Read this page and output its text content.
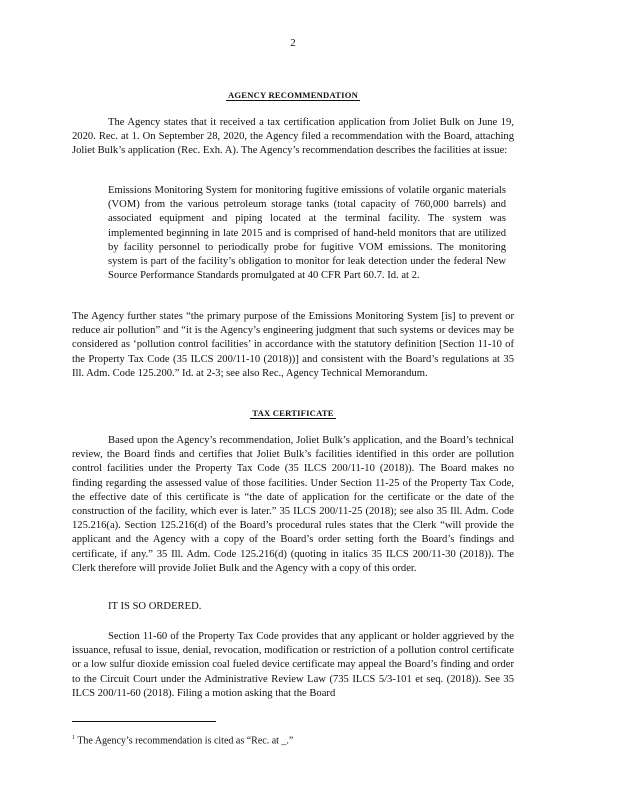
2
AGENCY RECOMMENDATION

The Agency states that it received a tax certification application from Joliet Bulk on June 19, 2020. Rec. at 1. On September 28, 2020, the Agency filed a recommendation with the Board, attaching Joliet Bulk’s application (Rec. Exh. A). The Agency’s recommendation describes the facilities at issue:

Emissions Monitoring System for monitoring fugitive emissions of volatile organic materials (VOM) from the various petroleum storage tanks (total capacity of 760,000 barrels) and associated equipment and piping located at the terminal facility. The system was implemented beginning in late 2015 and is comprised of hand-held monitors that are utilized by facility personnel to periodically probe for fugitive VOM emissions. The monitoring system is part of the facility’s obligation to monitor for leak detection under the federal New Source Performance Standards promulgated at 40 CFR Part 60.7. Id. at 2.

The Agency further states “the primary purpose of the Emissions Monitoring System [is] to prevent or reduce air pollution” and “it is the Agency’s engineering judgment that such systems or devices may be considered as ‘pollution control facilities’ in accordance with the statutory definition [Section 11-10 of the Property Tax Code (35 ILCS 200/11-10 (2018))] and consistent with the Board’s regulations at 35 Ill. Adm. Code 125.200.” Id. at 2-3; see also Rec., Agency Technical Memorandum.

TAX CERTIFICATE

Based upon the Agency’s recommendation, Joliet Bulk’s application, and the Board’s technical review, the Board finds and certifies that Joliet Bulk’s facilities identified in this order are pollution control facilities under the Property Tax Code (35 ILCS 200/11-10 (2018)). The Board makes no finding regarding the assessed value of those facilities. Under Section 11-25 of the Property Tax Code, the effective date of this certificate is “the date of application for the certificate or the date of the construction of the facility, which ever is later.” 35 ILCS 200/11-25 (2018); see also 35 Ill. Adm. Code 125.216(a). Section 125.216(d) of the Board’s procedural rules states that the Clerk “will provide the applicant and the Agency with a copy of the Board’s order setting forth the Board’s findings and certificate, if any.” 35 Ill. Adm. Code 125.216(d) (quoting in italics 35 ILCS 200/11-30 (2018)). The Clerk therefore will provide Joliet Bulk and the Agency with a copy of this order.

IT IS SO ORDERED.

Section 11-60 of the Property Tax Code provides that any applicant or holder aggrieved by the issuance, refusal to issue, denial, revocation, modification or restriction of a pollution control certificate or a low sulfur dioxide emission coal fueled device certificate may appeal the Board’s finding and order to the Circuit Court under the Administrative Review Law (735 ILCS 5/3-101 et seq. (2018)). See 35 ILCS 200/11-60 (2018). Filing a motion asking that the Board

$^1$ The Agency’s recommendation is cited as “Rec. at _.”
